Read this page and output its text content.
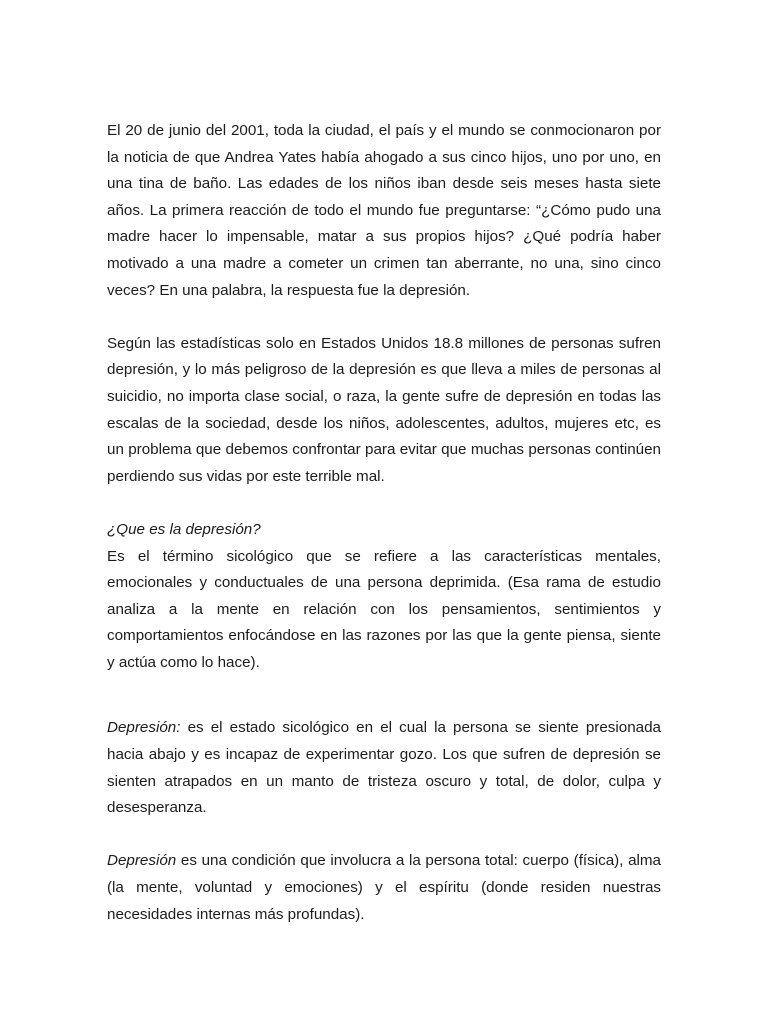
El 20 de junio del 2001, toda la ciudad, el país y el mundo se conmocionaron por la noticia de que Andrea Yates había ahogado a sus cinco hijos, uno por uno, en una tina de baño. Las edades de los niños iban desde seis meses hasta siete años. La primera reacción de todo el mundo fue preguntarse: “¿Cómo pudo una madre hacer lo impensable, matar a sus propios hijos? ¿Qué podría haber motivado a una madre a cometer un crimen tan aberrante, no una, sino cinco veces? En una palabra, la respuesta fue la depresión.

Según las estadísticas solo en Estados Unidos 18.8 millones de personas sufren depresión, y lo más peligroso de la depresión es que lleva a miles de personas al suicidio, no importa clase social, o raza, la gente sufre de depresión en todas las escalas de la sociedad, desde los niños, adolescentes, adultos, mujeres etc, es un problema que debemos confrontar para evitar que muchas personas continúen perdiendo sus vidas por este terrible mal.

¿Que es la depresión?

Es el término sicológico que se refiere a las características mentales, emocionales y conductuales de una persona deprimida. (Esa rama de estudio analiza a la mente en relación con los pensamientos, sentimientos y comportamientos enfocándose en las razones por las que la gente piensa, siente y actúa como lo hace).

Depresión: es el estado sicológico en el cual la persona se siente presionada hacia abajo y es incapaz de experimentar gozo. Los que sufren de depresión se sienten atrapados en un manto de tristeza oscuro y total, de dolor, culpa y desesperanza.

Depresión es una condición que involucra a la persona total: cuerpo (física), alma (la mente, voluntad y emociones) y el espíritu (donde residen nuestras necesidades internas más profundas).
